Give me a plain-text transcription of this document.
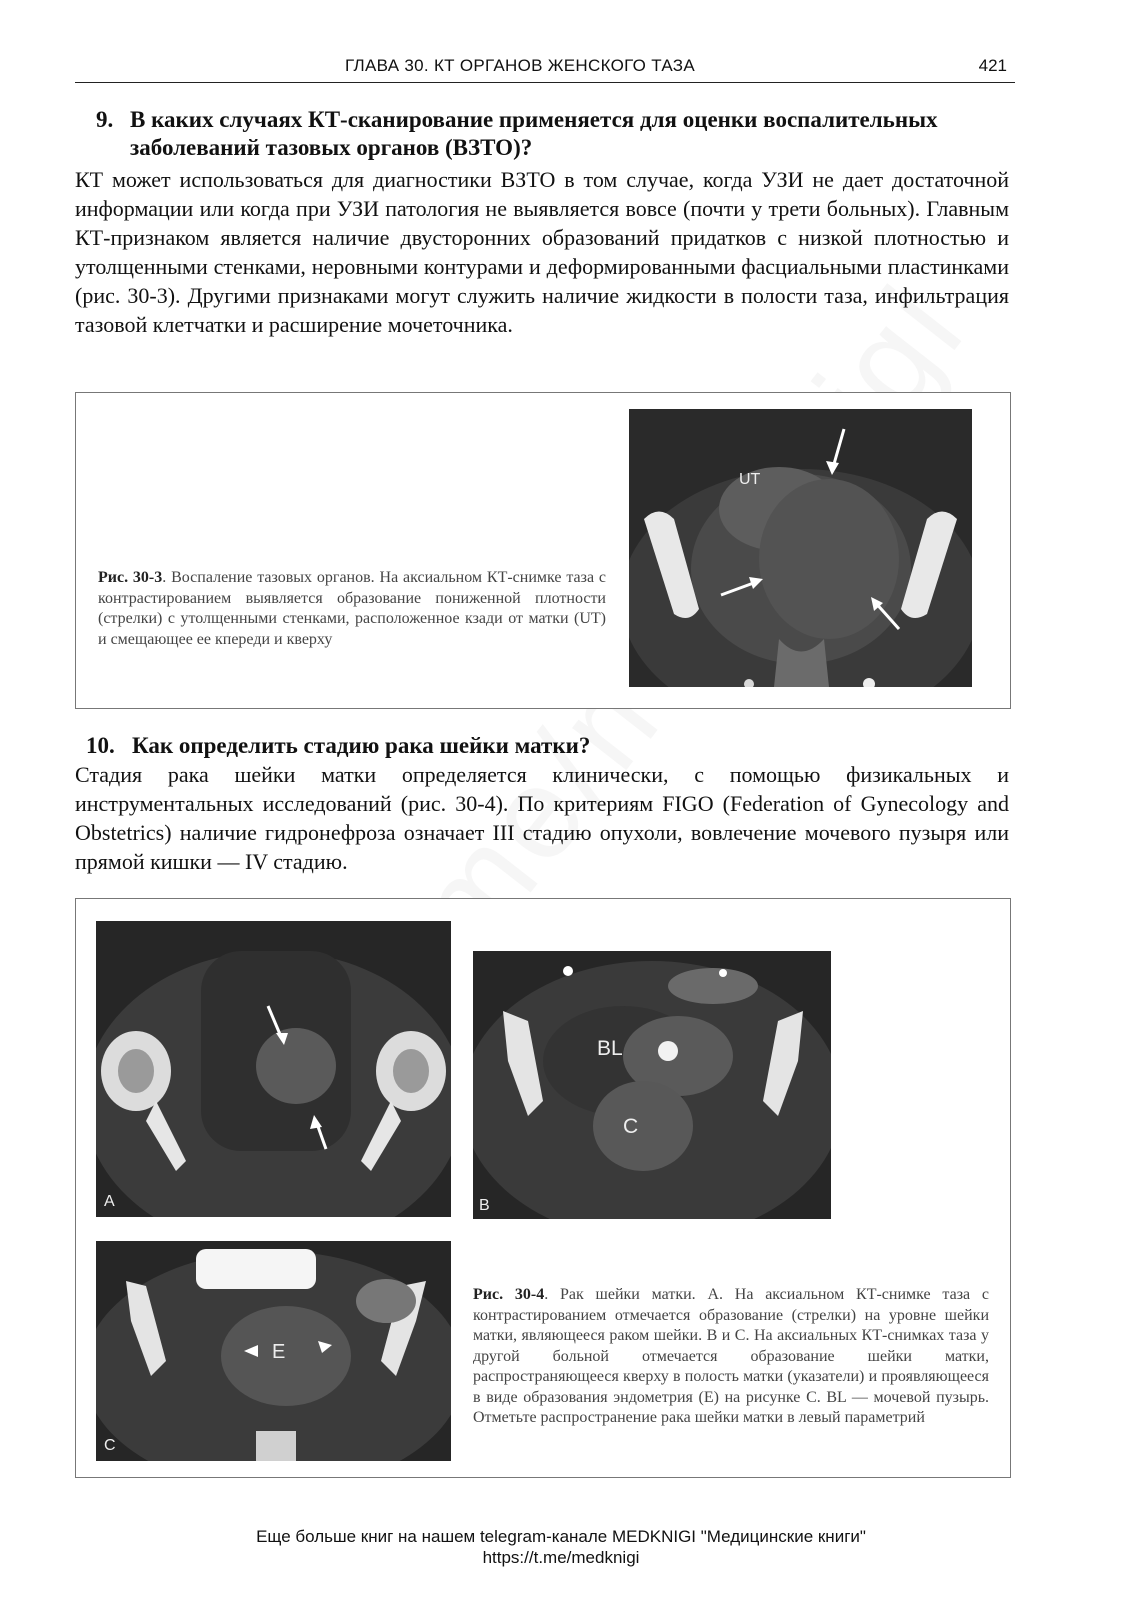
ГЛАВА 30. КТ ОРГАНОВ ЖЕНСКОГО ТАЗА	421
9. В каких случаях КТ-сканирование применяется для оценки воспалительных
заболеваний тазовых органов (ВЗТО)?
КТ может использоваться для диагностики ВЗТО в том случае, когда УЗИ не дает достаточной информации или когда при УЗИ патология не выявляется вовсе (почти у трети больных). Главным КТ-признаком является наличие двусторонних образований придатков с низкой плотностью и утолщенными стенками, неровными контурами и деформированными фасциальными пластинками (рис. 30-3). Другими признаками могут служить наличие жидкости в полости таза, инфильтрация тазовой клетчатки и расширение мочеточника.
Рис. 30-3. Воспаление тазовых органов. На аксиальном КТ-снимке таза с контрастированием выявляется образование пониженной плотности (стрелки) с утолщенными стенками, расположенное кзади от матки (UT) и смещающее ее кпереди и кверху
UT
10. Как определить стадию рака шейки матки?
Стадия рака шейки матки определяется клинически, с помощью физикальных и инструментальных исследований (рис. 30-4). По критериям FIGO (Federation of Gynecology and Obstetrics) наличие гидронефроза означает III стадию опухоли, вовлечение мочевого пузыря или прямой кишки — IV стадию.
A
BL
C
B
E
C
Рис. 30-4. Рак шейки матки. A. На аксиальном КТ-снимке таза с контрастированием отмечается образование (стрелки) на уровне шейки матки, являющееся раком шейки. B и C. На аксиальных КТ-снимках таза у другой больной отмечается образование шейки матки, распространяющееся кверху в полость матки (указатели) и проявляющееся в виде образования эндометрия (E) на рисунке C. BL — мочевой пузырь. Отметьте распространение рака шейки матки в левый параметрий
Еще больше книг на нашем telegram-канале MEDKNIGI "Медицинские книги"
https://t.me/medknigi
